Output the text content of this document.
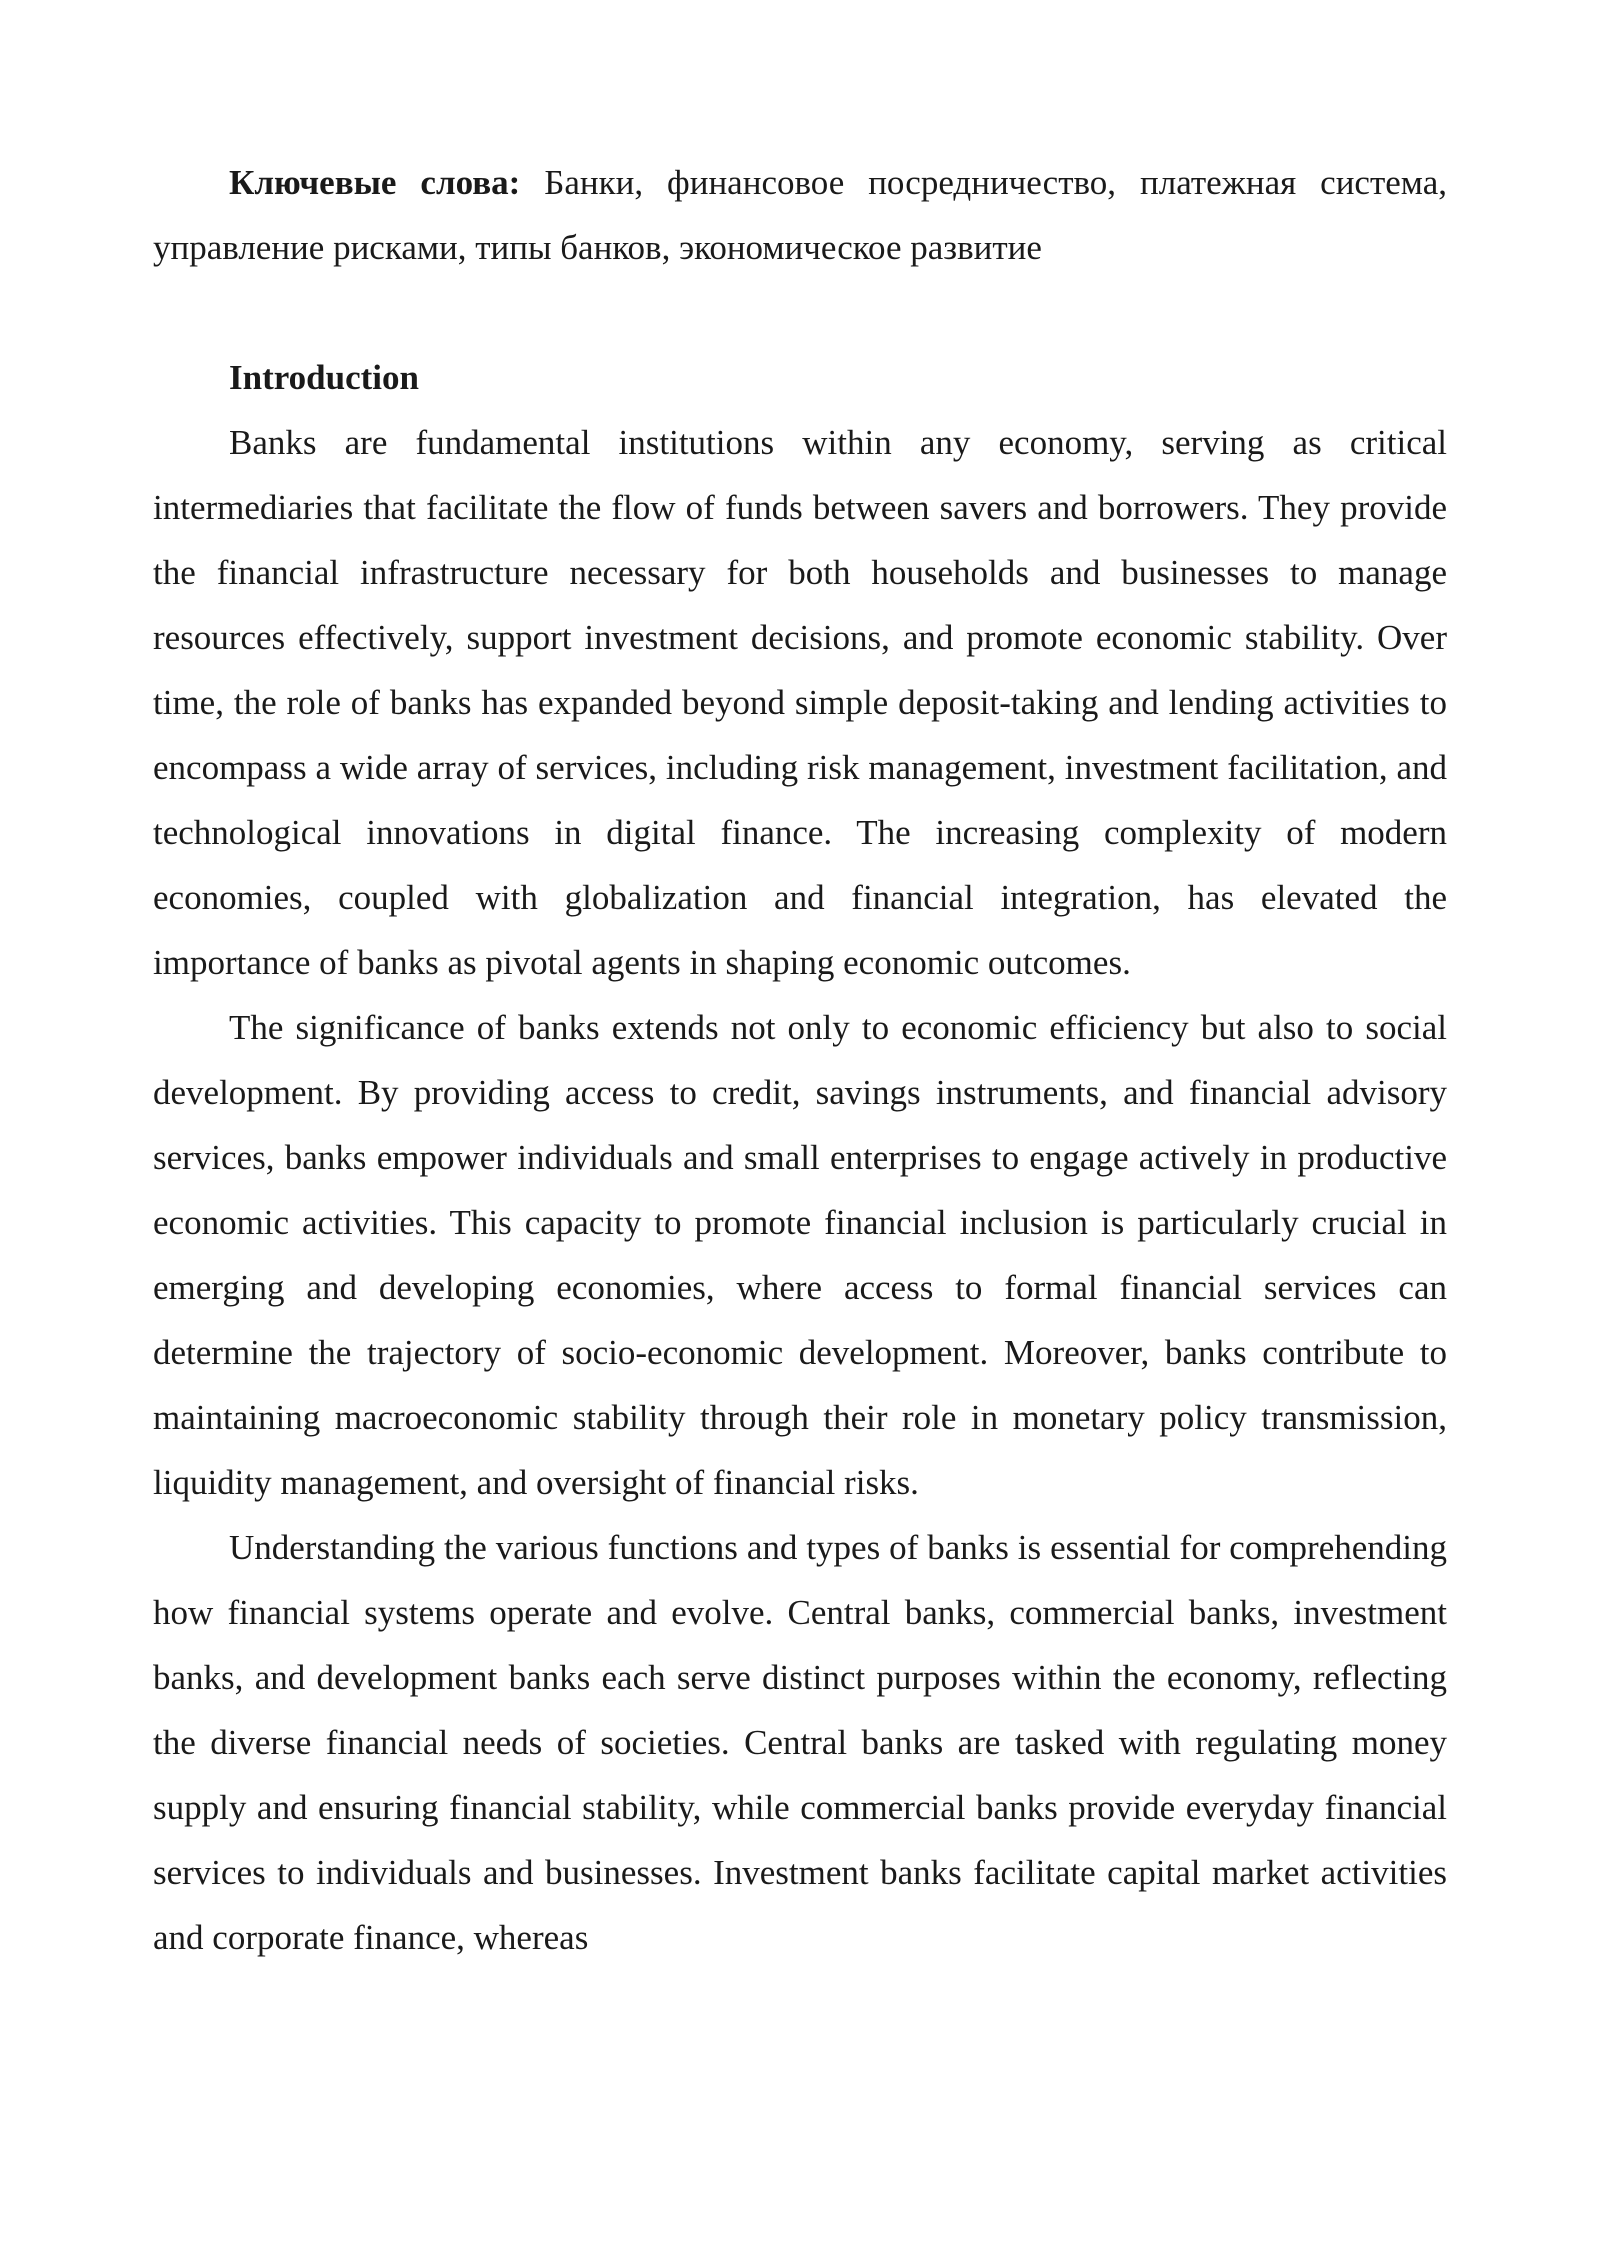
Ключевые слова: Банки, финансовое посредничество, платежная система, управление рисками, типы банков, экономическое развитие

Introduction

Banks are fundamental institutions within any economy, serving as critical intermediaries that facilitate the flow of funds between savers and borrowers. They provide the financial infrastructure necessary for both households and businesses to manage resources effectively, support investment decisions, and promote economic stability. Over time, the role of banks has expanded beyond simple deposit-taking and lending activities to encompass a wide array of services, including risk management, investment facilitation, and technological innovations in digital finance. The increasing complexity of modern economies, coupled with globalization and financial integration, has elevated the importance of banks as pivotal agents in shaping economic outcomes.

The significance of banks extends not only to economic efficiency but also to social development. By providing access to credit, savings instruments, and financial advisory services, banks empower individuals and small enterprises to engage actively in productive economic activities. This capacity to promote financial inclusion is particularly crucial in emerging and developing economies, where access to formal financial services can determine the trajectory of socio-economic development. Moreover, banks contribute to maintaining macroeconomic stability through their role in monetary policy transmission, liquidity management, and oversight of financial risks.

Understanding the various functions and types of banks is essential for comprehending how financial systems operate and evolve. Central banks, commercial banks, investment banks, and development banks each serve distinct purposes within the economy, reflecting the diverse financial needs of societies. Central banks are tasked with regulating money supply and ensuring financial stability, while commercial banks provide everyday financial services to individuals and businesses. Investment banks facilitate capital market activities and corporate finance, whereas
